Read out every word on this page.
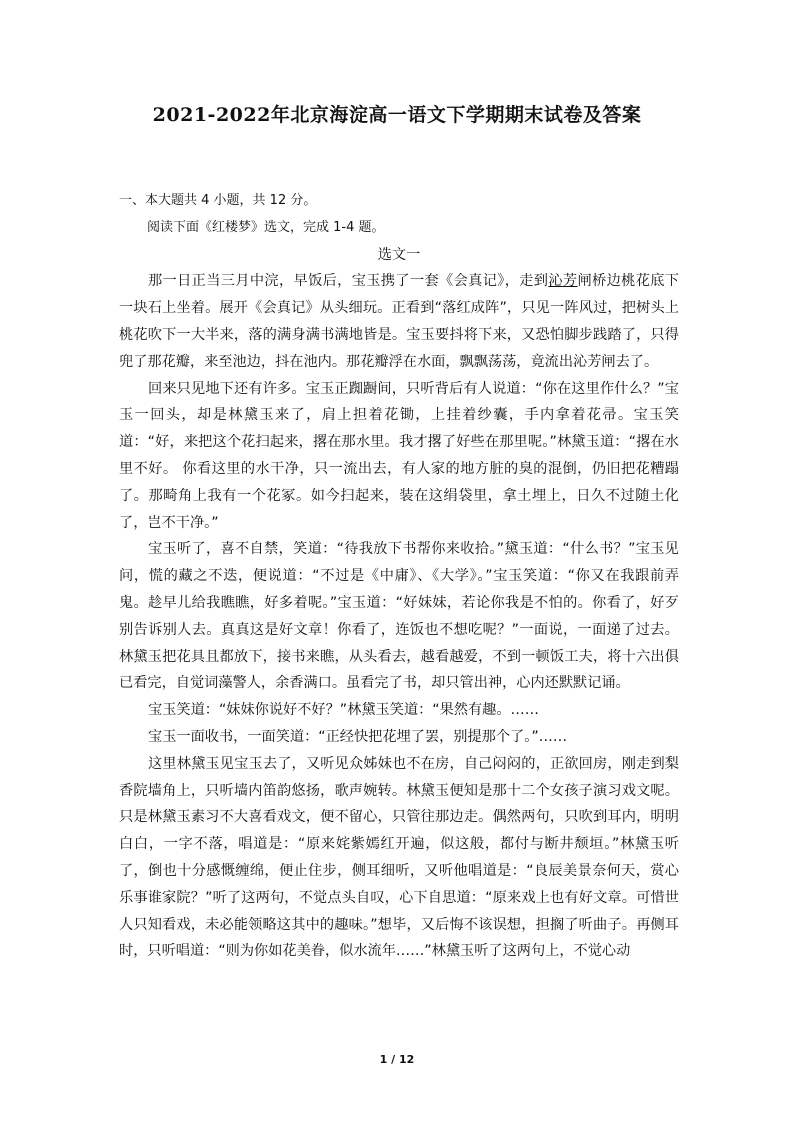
2021-2022年北京海淀高一语文下学期期末试卷及答案

一、本大题共 4 小题，共 12 分。

阅读下面《红楼梦》选文，完成 1-4 题。

选文一

那一日正当三月中浣，早饭后，宝玉携了一套《会真记》，走到沁芳闸桥边桃花底下一块石上坐着。展开《会真记》从头细玩。正看到“落红成阵”，只见一阵风过，把树头上桃花吹下一大半来，落的满身满书满地皆是。宝玉要抖将下来，又恐怕脚步践踏了，只得兜了那花瓣，来至池边，抖在池内。那花瓣浮在水面，飘飘荡荡，竟流出沁芳闸去了。

回来只见地下还有许多。宝玉正踟蹰间，只听背后有人说道：“你在这里作什么？”宝玉一回头，却是林黛玉来了，肩上担着花锄，上挂着纱囊，手内拿着花帚。宝玉笑道：“好，来把这个花扫起来，撂在那水里。我才撂了好些在那里呢。”林黛玉道：“撂在水里不好。 你看这里的水干净，只一流出去，有人家的地方脏的臭的混倒，仍旧把花糟蹋了。那畸角上我有一个花冢。如今扫起来，装在这绢袋里，拿土埋上，日久不过随土化了，岂不干净。”

宝玉听了，喜不自禁，笑道：“待我放下书帮你来收拾。”黛玉道：“什么书？”宝玉见问，慌的藏之不迭，便说道：“不过是《中庸》、《大学》。”宝玉笑道：“你又在我跟前弄鬼。趁早儿给我瞧瞧，好多着呢。”宝玉道：“好妹妹，若论你我是不怕的。你看了，好歹别告诉别人去。真真这是好文章！你看了，连饭也不想吃呢？”一面说，一面递了过去。林黛玉把花具且都放下，接书来瞧，从头看去，越看越爱，不到一顿饭工夫，将十六出俱已看完，自觉词藻警人，余香满口。虽看完了书，却只管出神，心内还默默记诵。

宝玉笑道：“妹妹你说好不好？”林黛玉笑道：“果然有趣。……

宝玉一面收书，一面笑道：“正经快把花埋了罢，别提那个了。”……

这里林黛玉见宝玉去了，又听见众姊妹也不在房，自己闷闷的，正欲回房，刚走到梨香院墙角上，只听墙内笛韵悠扬，歌声婉转。林黛玉便知是那十二个女孩子演习戏文呢。只是林黛玉素习不大喜看戏文，便不留心，只管往那边走。偶然两句，只吹到耳内，明明白白，一字不落，唱道是：“原来姹紫嫣红开遍，似这般，都付与断井颓垣。”林黛玉听了，倒也十分感慨缠绵，便止住步，侧耳细听，又听他唱道是：“良辰美景奈何天，赏心乐事谁家院？”听了这两句，不觉点头自叹，心下自思道：“原来戏上也有好文章。可惜世人只知看戏，未必能领略这其中的趣味。”想毕，又后悔不该误想，担搁了听曲子。再侧耳时，只听唱道：“则为你如花美眷，似水流年……”林黛玉听了这两句上，不觉心动

1 / 12
